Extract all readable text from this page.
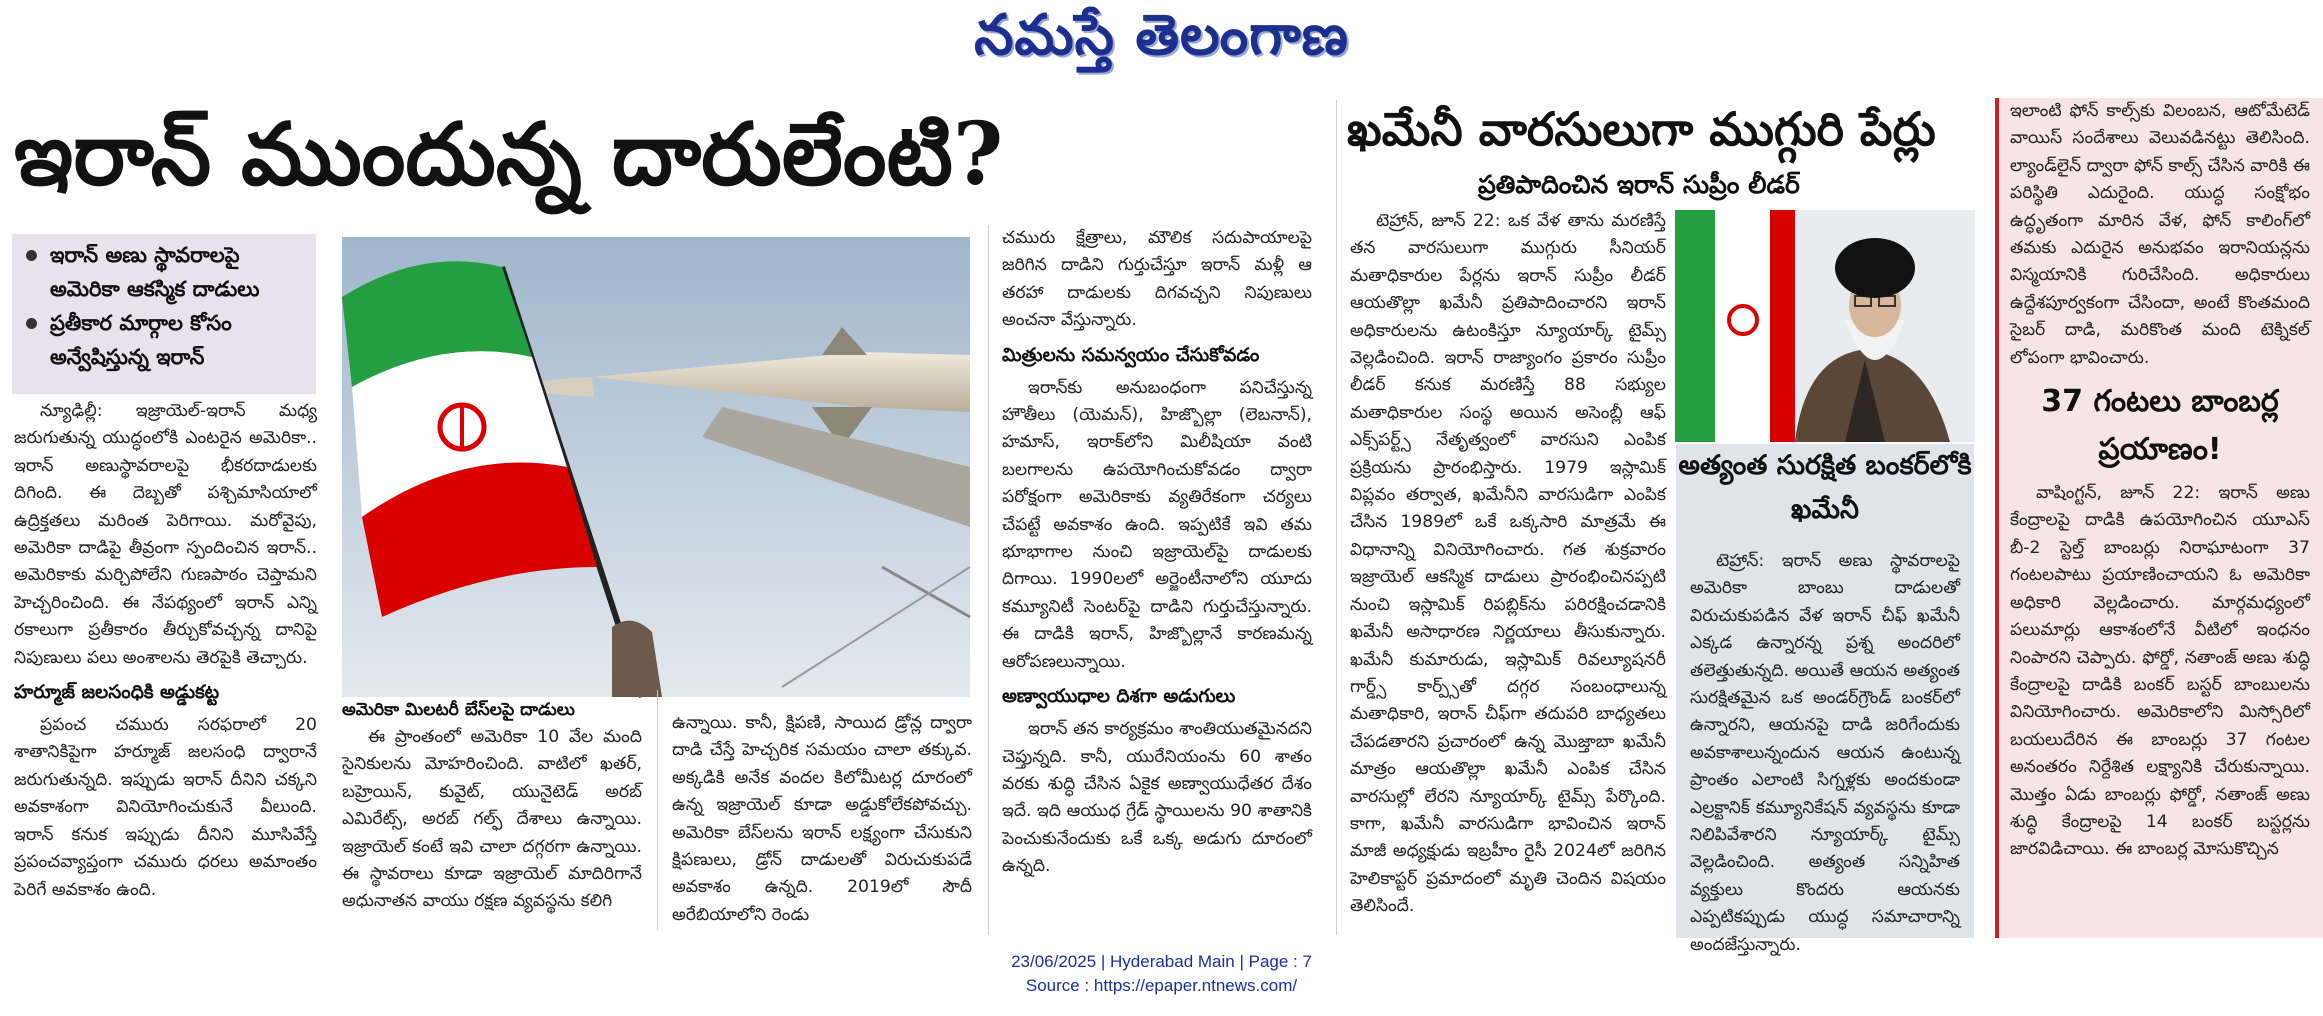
నమస్తే తెలంగాణ
ఇరాన్ ముందున్న దారులేంటి?
ఇరాన్ అణు స్థావరాలపై అమెరికా ఆకస్మిక దాడులు
ప్రతీకార మార్గాల కోసం అన్వేషిస్తున్న ఇరాన్

న్యూఢిల్లీ: ఇజ్రాయెల్-ఇరాన్ మధ్య జరుగుతున్న యుద్ధంలోకి ఎంటరైన అమెరికా.. ఇరాన్ అణుస్థావరాలపై భీకరదాడులకు దిగింది. ఈ దెబ్బతో పశ్చిమాసియాలో ఉద్రిక్తతలు మరింత పెరిగాయి. మరోవైపు, అమెరికా దాడిపై తీవ్రంగా స్పందించిన ఇరాన్.. అమెరికాకు మర్చిపోలేని గుణపాఠం చెప్తామని హెచ్చరించింది. ఈ నేపథ్యంలో ఇరాన్ ఎన్ని రకాలుగా ప్రతీకారం తీర్చుకోవచ్చన్న దానిపై నిపుణులు పలు అంశాలను తెరపైకి తెచ్చారు.

హర్మూజ్ జలసంధికి అడ్డుకట్ట

ప్రపంచ చమురు సరఫరాలో 20 శాతానికిపైగా హర్మూజ్ జలసంధి ద్వారానే జరుగుతున్నది. ఇప్పుడు ఇరాన్ దీనిని చక్కని అవకాశంగా వినియోగించుకునే వీలుంది. ఇరాన్ కనుక ఇప్పుడు దీనిని మూసివేస్తే ప్రపంచవ్యాప్తంగా చమురు ధరలు అమాంతం పెరిగే అవకాశం ఉంది.

అమెరికా మిలటరీ బేస్‌లపై దాడులు

ఈ ప్రాంతంలో అమెరికా 10 వేల మంది సైనికులను మోహరించింది. వాటిలో ఖతర్, బహ్రెయిన్, కువైట్, యునైటెడ్ అరబ్ ఎమిరేట్స్, అరబ్ గల్ఫ్ దేశాలు ఉన్నాయి. ఇజ్రాయెల్ కంటే ఇవి చాలా దగ్గరగా ఉన్నాయి. ఈ స్థావరాలు కూడా ఇజ్రాయెల్ మాదిరిగానే అధునాతన వాయు రక్షణ వ్యవస్థను కలిగి

ఉన్నాయి. కానీ, క్షిపణి, సాయిద డ్రోన్ల ద్వారా దాడి చేస్తే హెచ్చరిక సమయం చాలా తక్కువ. అక్కడికి అనేక వందల కిలోమీటర్ల దూరంలో ఉన్న ఇజ్రాయెల్ కూడా అడ్డుకోలేకపోవచ్చు. అమెరికా బేస్‌లను ఇరాన్ లక్ష్యంగా చేసుకుని క్షిపణులు, డ్రోన్ దాడులతో విరుచుకుపడే అవకాశం ఉన్నది. 2019లో సౌదీ అరేబియాలోని రెండు

చమురు క్షేత్రాలు, మౌలిక సదుపాయాలపై జరిగిన దాడిని గుర్తుచేస్తూ ఇరాన్ మళ్లీ ఆ తరహా దాడులకు దిగవచ్చని నిపుణులు అంచనా వేస్తున్నారు.

మిత్రులను సమన్వయం చేసుకోవడం

ఇరాన్‌కు అనుబంధంగా పనిచేస్తున్న హౌతీలు (యెమన్), హిజ్బొల్లా (లెబనాన్), హమాస్, ఇరాక్‌లోని మిలీషియా వంటి బలగాలను ఉపయోగించుకోవడం ద్వారా పరోక్షంగా అమెరికాకు వ్యతిరేకంగా చర్యలు చేపట్టే అవకాశం ఉంది. ఇప్పటికే ఇవి తమ భూభాగాల నుంచి ఇజ్రాయెల్‌పై దాడులకు దిగాయి. 1990లలో అర్జెంటీనాలోని యూదు కమ్యూనిటీ సెంటర్‌పై దాడిని గుర్తుచేస్తున్నారు. ఈ దాడికి ఇరాన్, హిజ్బొల్లానే కారణమన్న ఆరోపణలున్నాయి.

అణ్వాయుధాల దిశగా అడుగులు

ఇరాన్ తన కార్యక్రమం శాంతియుతమైనదని చెప్తున్నది. కానీ, యురేనియంను 60 శాతం వరకు శుద్ధి చేసిన ఏకైక అణ్వాయుధేతర దేశం ఇదే. ఇది ఆయుధ గ్రేడ్ స్థాయిలను 90 శాతానికి పెంచుకునేందుకు ఒకే ఒక్క అడుగు దూరంలో ఉన్నది.

ఖమేనీ వారసులుగా ముగ్గురి పేర్లు
ప్రతిపాదించిన ఇరాన్ సుప్రీం లీడర్

టెహ్రాన్, జూన్ 22: ఒక వేళ తాను మరణిస్తే తన వారసులుగా ముగ్గురు సీనియర్ మతాధికారుల పేర్లను ఇరాన్ సుప్రీం లీడర్ ఆయతొల్లా ఖమేనీ ప్రతిపాదించారని ఇరాన్ అధికారులను ఉటంకిస్తూ న్యూయార్క్ టైమ్స్ వెల్లడించింది. ఇరాన్ రాజ్యాంగం ప్రకారం సుప్రీం లీడర్ కనుక మరణిస్తే 88 సభ్యుల మతాధికారుల సంస్థ అయిన అసెంబ్లీ ఆఫ్ ఎక్స్‌పర్ట్స్ నేతృత్వంలో వారసుని ఎంపిక ప్రక్రియను ప్రారంభిస్తారు. 1979 ఇస్లామిక్ విప్లవం తర్వాత, ఖమేనీని వారసుడిగా ఎంపిక చేసిన 1989లో ఒకే ఒక్కసారి మాత్రమే ఈ విధానాన్ని వినియోగించారు. గత శుక్రవారం ఇజ్రాయెల్ ఆకస్మిక దాడులు ప్రారంభించినప్పటి నుంచి ఇస్లామిక్ రిపబ్లిక్‌ను పరిరక్షించడానికి ఖమేనీ అసాధారణ నిర్ణయాలు తీసుకున్నారు. ఖమేనీ కుమారుడు, ఇస్లామిక్ రివల్యూషనరీ గార్డ్స్ కార్ప్స్‌తో దగ్గర సంబంధాలున్న మతాధికారి, ఇరాన్ చీఫ్‌గా తదుపరి బాధ్యతలు చేపడతారని ప్రచారంలో ఉన్న మొజ్తాబా ఖమేనీ మాత్రం ఆయతొల్లా ఖమేనీ ఎంపిక చేసిన వారసుల్లో లేరని న్యూయార్క్ టైమ్స్ పేర్కొంది. కాగా, ఖమేనీ వారసుడిగా భావించిన ఇరాన్ మాజీ అధ్యక్షుడు ఇబ్రహీం రైసీ 2024లో జరిగిన హెలికాప్టర్ ప్రమాదంలో మృతి చెందిన విషయం తెలిసిందే.

అత్యంత సురక్షిత బంకర్‌లోకి ఖమేనీ

టెహ్రాన్: ఇరాన్ అణు స్థావరాలపై అమెరికా బాంబు దాడులతో విరుచుకుపడిన వేళ ఇరాన్ చీఫ్ ఖమేనీ ఎక్కడ ఉన్నారన్న ప్రశ్న అందరిలో తలెత్తుతున్నది. అయితే ఆయన అత్యంత సురక్షితమైన ఒక అండర్‌గ్రౌండ్ బంకర్‌లో ఉన్నారని, ఆయనపై దాడి జరిగేందుకు అవకాశాలున్నందున ఆయన ఉంటున్న ప్రాంతం ఎలాంటి సిగ్నళ్లకు అందకుండా ఎల్రక్టానిక్ కమ్యూనికేషన్ వ్యవస్థను కూడా నిలిపివేశారని న్యూయార్క్ టైమ్స్ వెల్లడించింది. అత్యంత సన్నిహిత వ్యక్తులు కొందరు ఆయనకు ఎప్పటికప్పుడు యుద్ధ సమాచారాన్ని అందజేస్తున్నారు.

ఇలాంటి ఫోన్ కాల్స్‌కు విలంబన, ఆటోమేటెడ్ వాయిస్ సందేశాలు వెలువడినట్టు తెలిసింది. ల్యాండ్‌లైన్ ద్వారా ఫోన్ కాల్స్ చేసిన వారికి ఈ పరిస్థితి ఎదురైంది. యుద్ధ సంక్షోభం ఉద్ధృతంగా మారిన వేళ, ఫోన్ కాలింగ్‌లో తమకు ఎదురైన అనుభవం ఇరానియన్లను విస్మయానికి గురిచేసింది. అధికారులు ఉద్దేశపూర్వకంగా చేసిందా, అంటే కొంతమంది సైబర్ దాడి, మరికొంత మంది టెక్నికల్ లోపంగా భావించారు.

37 గంటలు బాంబర్ల ప్రయాణం!

వాషింగ్టన్, జూన్ 22: ఇరాన్ అణు కేంద్రాలపై దాడికి ఉపయోగించిన యూఎస్ బీ-2 స్టెల్త్ బాంబర్లు నిరాఘాటంగా 37 గంటలపాటు ప్రయాణించాయని ఓ అమెరికా అధికారి వెల్లడించారు. మార్గమధ్యంలో పలుమార్లు ఆకాశంలోనే వీటిలో ఇంధనం నింపారని చెప్పారు. ఫోర్డో, నతాంజ్ అణు శుద్ధి కేంద్రాలపై దాడికి బంకర్ బస్టర్ బాంబులను వినియోగించారు. అమెరికాలోని మిస్సోరిలో బయలుదేరిన ఈ బాంబర్లు 37 గంటల అనంతరం నిర్దేశిత లక్ష్యానికి చేరుకున్నాయి. మొత్తం ఏడు బాంబర్లు ఫోర్డో, నతాంజ్ అణు శుద్ధి కేంద్రాలపై 14 బంకర్ బస్టర్లను జారవిడిచాయి. ఈ బాంబర్ల మోసుకొచ్చిన

23/06/2025 | Hyderabad Main | Page : 7
Source : https://epaper.ntnews.com/
